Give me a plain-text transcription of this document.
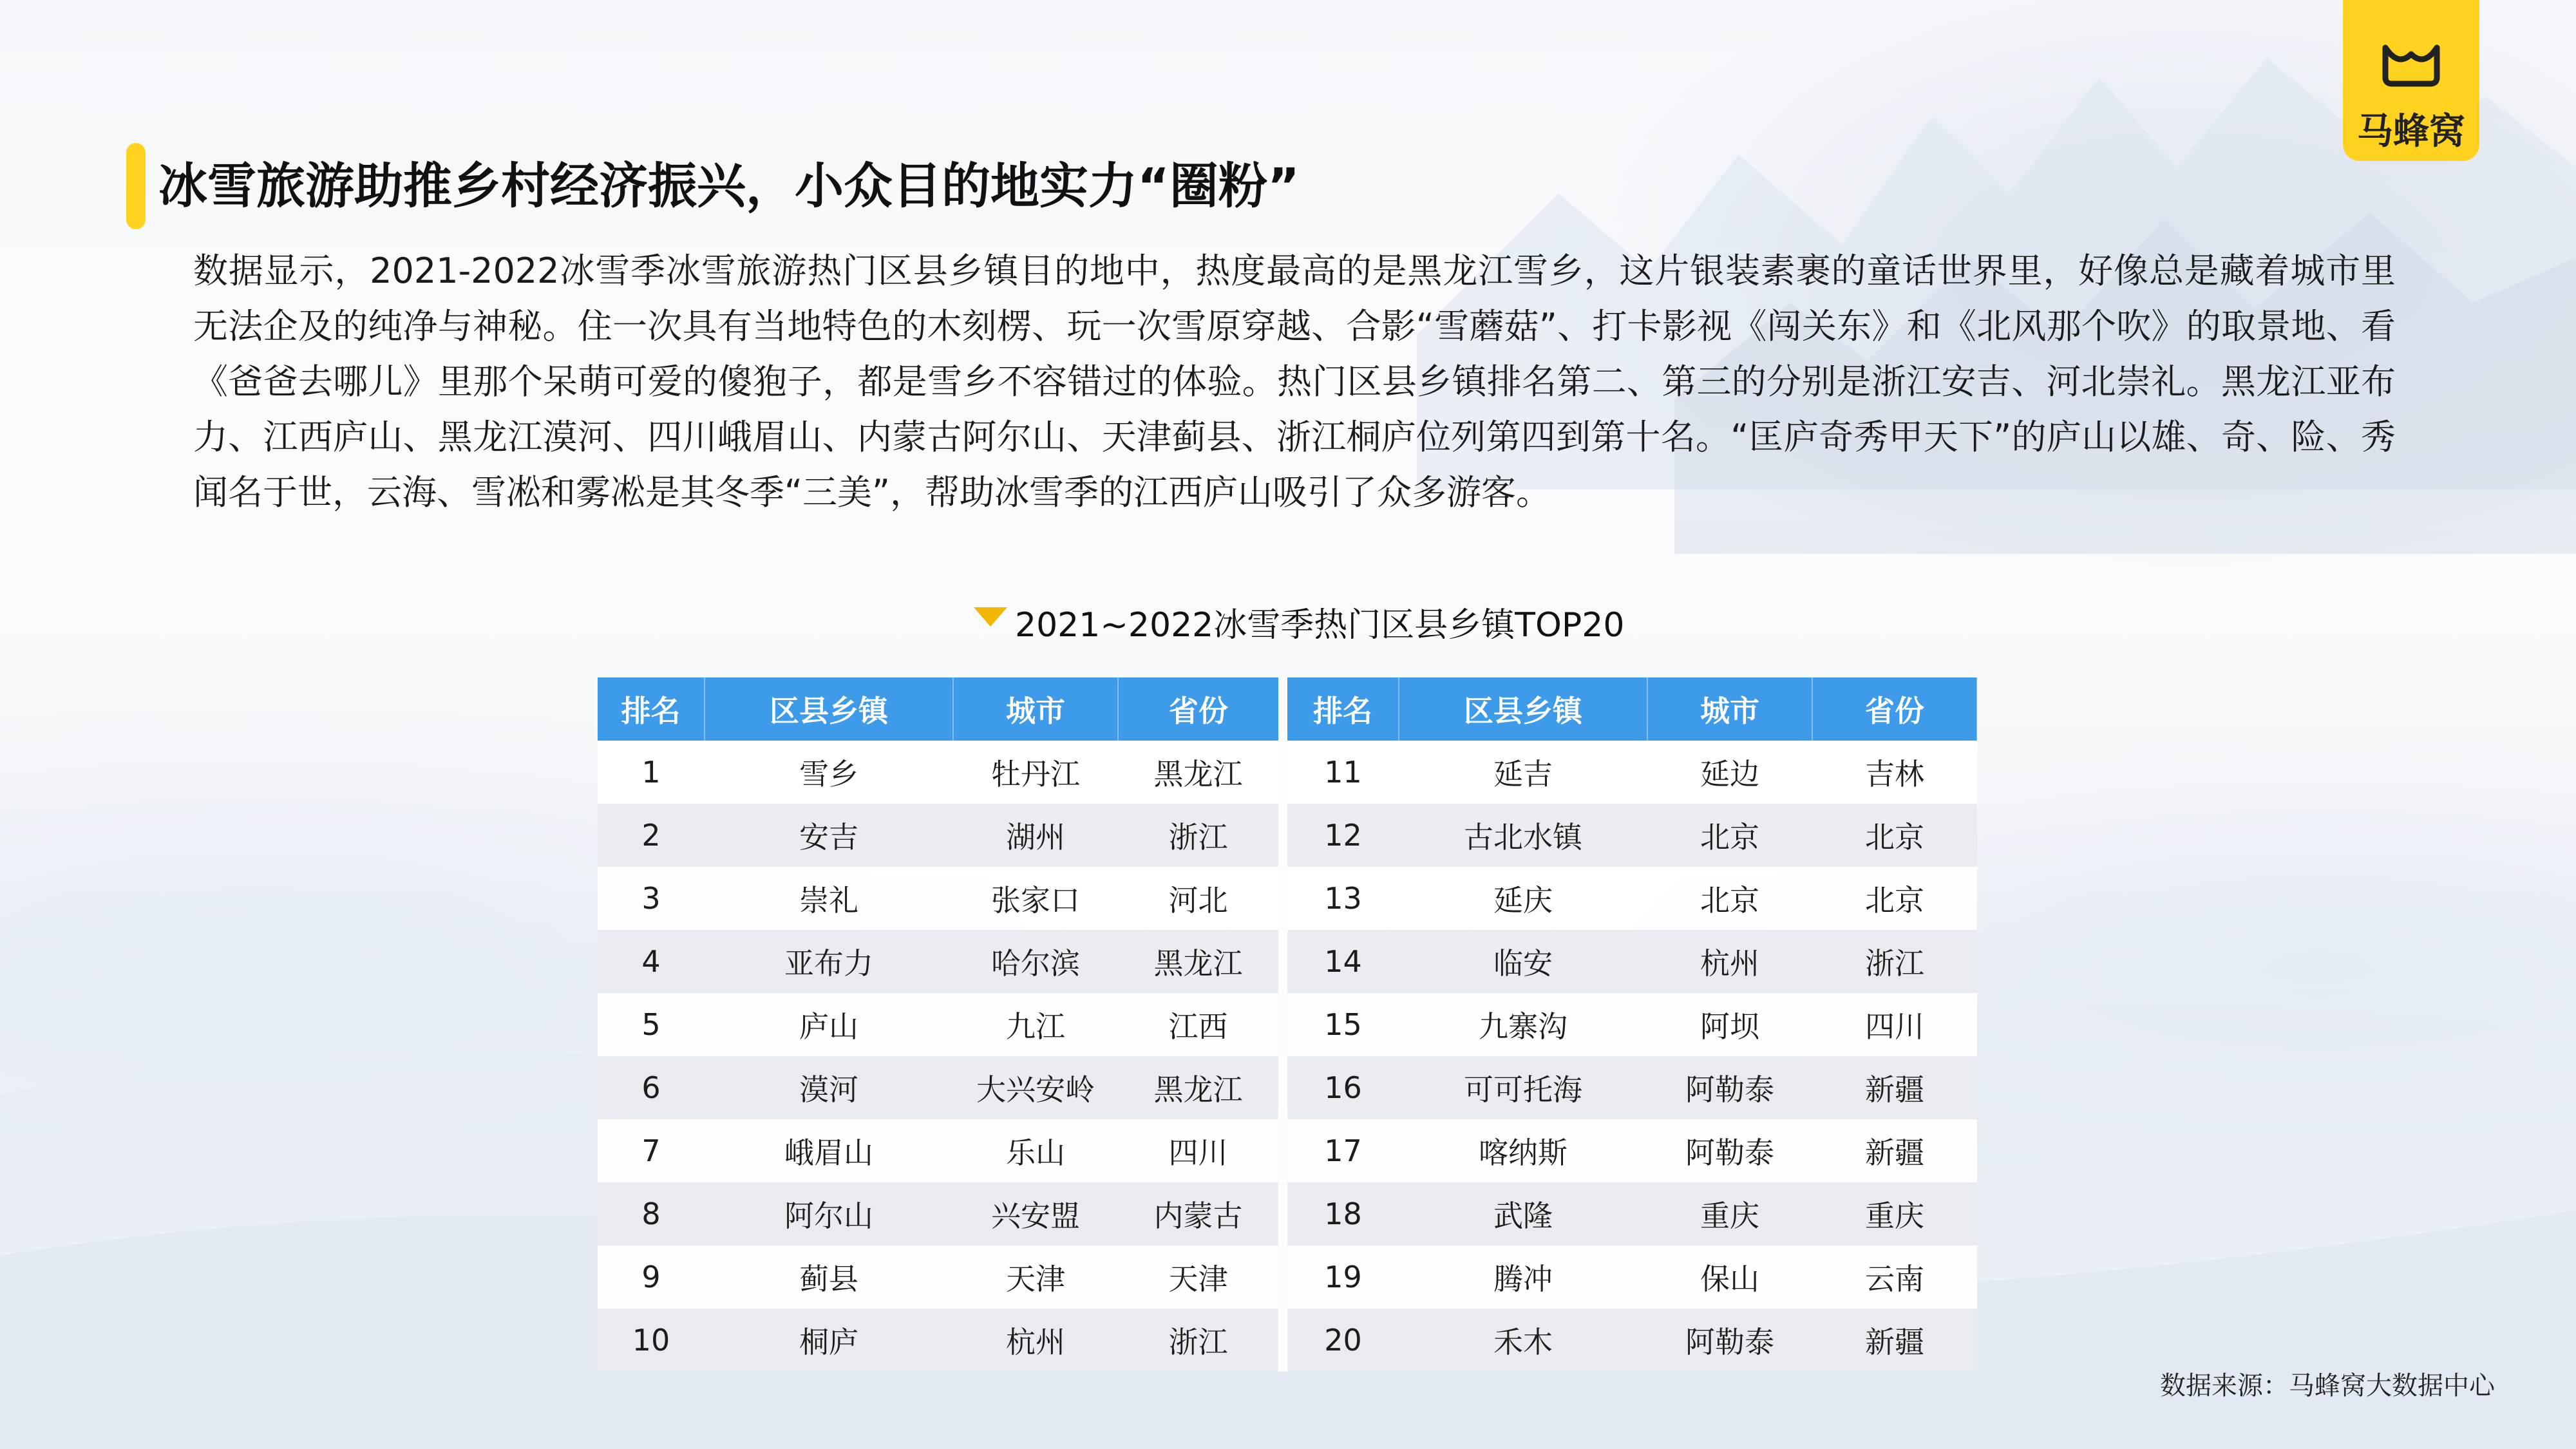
马蜂窝
冰雪旅游助推乡村经济振兴，小众目的地实力“圈粉”
数据显示，2021-2022冰雪季冰雪旅游热门区县乡镇目的地中，热度最高的是黑龙江雪乡，这片银装素裹的童话世界里，好像总是藏着城市里无法企及的纯净与神秘。住一次具有当地特色的木刻楞、玩一次雪原穿越、合影“雪蘑菇”、打卡影视《闯关东》和《北风那个吹》的取景地、看《爸爸去哪儿》里那个呆萌可爱的傻狍子，都是雪乡不容错过的体验。热门区县乡镇排名第二、第三的分别是浙江安吉、河北崇礼。黑龙江亚布力、江西庐山、黑龙江漠河、四川峨眉山、内蒙古阿尔山、天津蓟县、浙江桐庐位列第四到第十名。“匡庐奇秀甲天下”的庐山以雄、奇、险、秀闻名于世，云海、雪凇和雾凇是其冬季“三美”，帮助冰雪季的江西庐山吸引了众多游客。
2021~2022冰雪季热门区县乡镇TOP20
排名	区县乡镇	城市	省份	排名	区县乡镇	城市	省份
1	雪乡	牡丹江	黑龙江	11	延吉	延边	吉林
2	安吉	湖州	浙江	12	古北水镇	北京	北京
3	崇礼	张家口	河北	13	延庆	北京	北京
4	亚布力	哈尔滨	黑龙江	14	临安	杭州	浙江
5	庐山	九江	江西	15	九寨沟	阿坝	四川
6	漠河	大兴安岭	黑龙江	16	可可托海	阿勒泰	新疆
7	峨眉山	乐山	四川	17	喀纳斯	阿勒泰	新疆
8	阿尔山	兴安盟	内蒙古	18	武隆	重庆	重庆
9	蓟县	天津	天津	19	腾冲	保山	云南
10	桐庐	杭州	浙江	20	禾木	阿勒泰	新疆
数据来源：马蜂窝大数据中心
